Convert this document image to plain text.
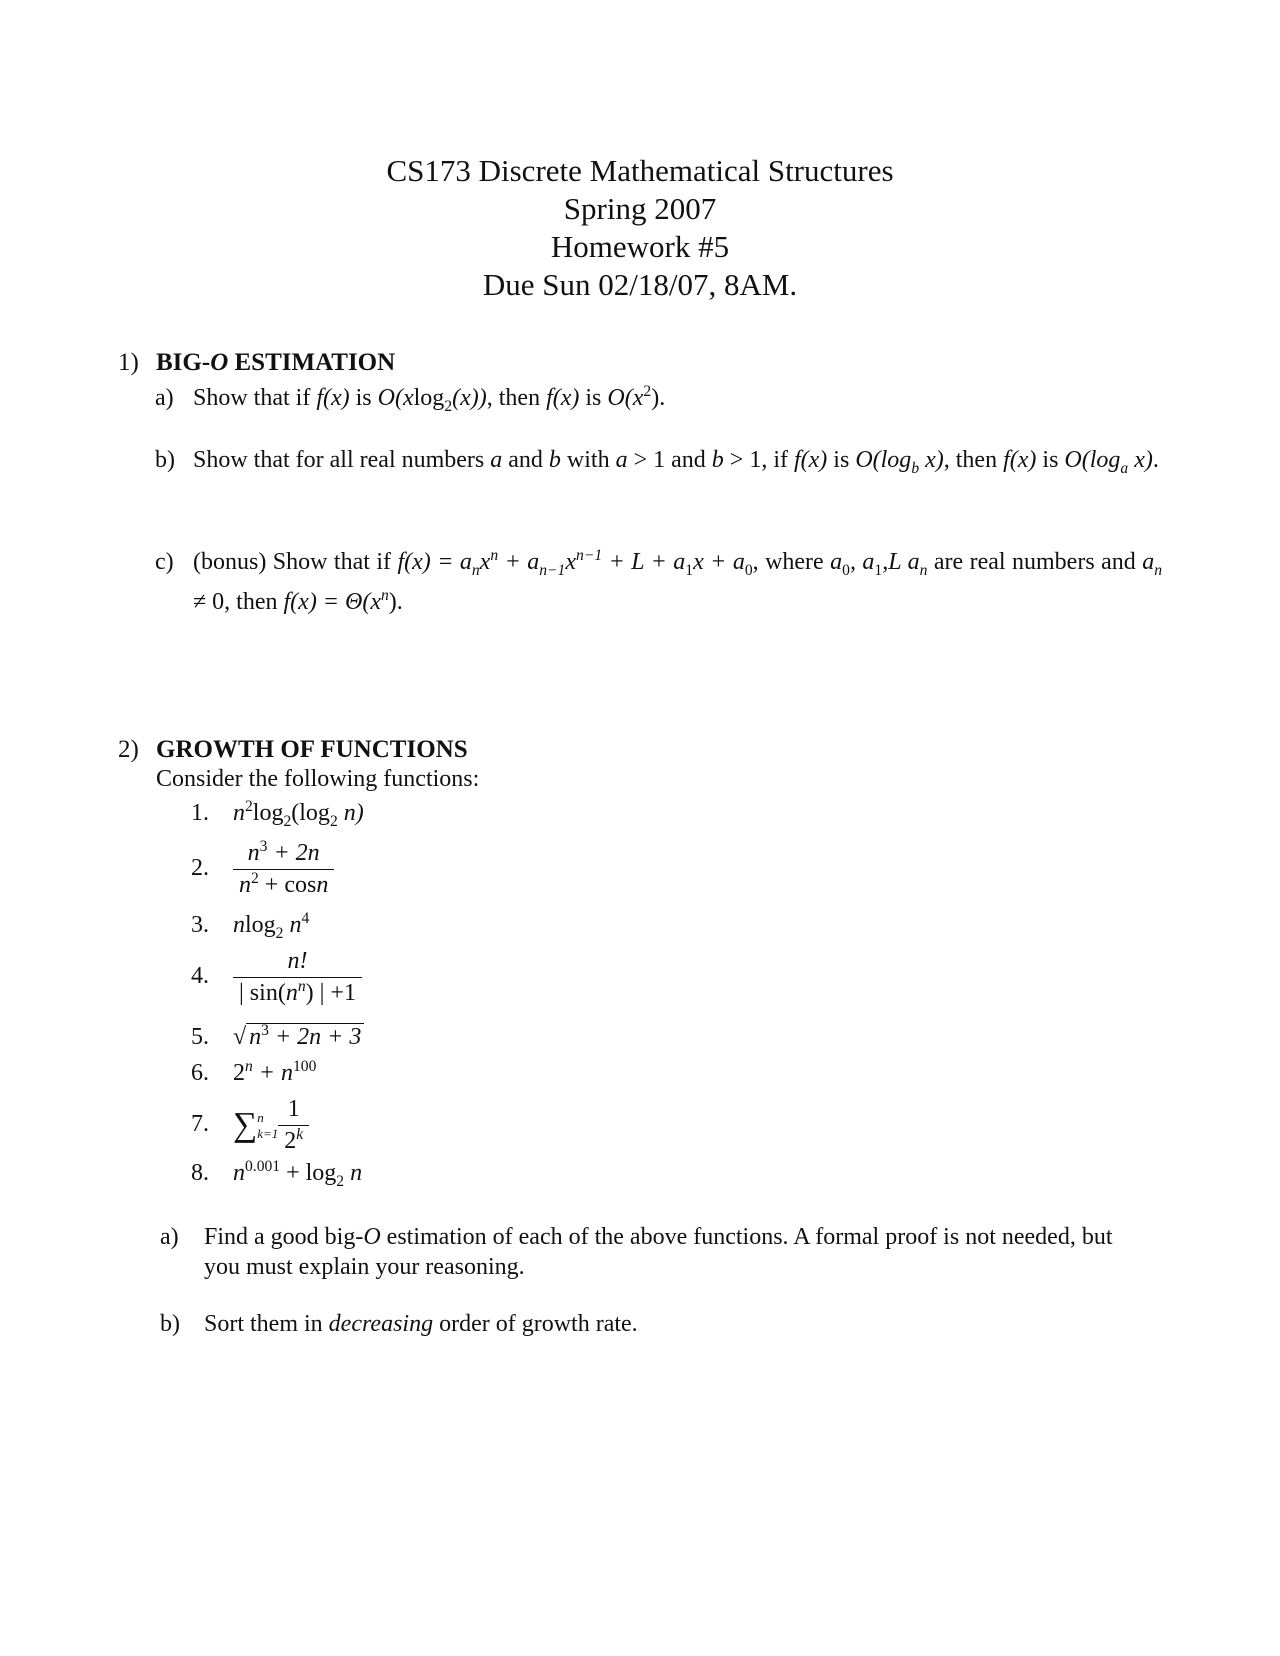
CS173 Discrete Mathematical Structures
Spring 2007
Homework #5
Due Sun 02/18/07, 8AM.
1) BIG-O ESTIMATION
a) Show that if f(x) is O(xlog$_2$(x)), then f(x) is $O(x^2)$.
b) Show that for all real numbers a and b with a > 1 and b > 1, if f(x) is $O(\log_b$ x), then f(x) is $O(\log_a$ x).
c) (bonus) Show that if $f(x) = a_nx^n + a_{n-1}x^{n-1} + L + a_1x + a_0$, where $a_0$, $a_1,L$ $a_n$ are real numbers and $a_n \ne 0$, then $f(x) = \Theta(x^n)$.
2) GROWTH OF FUNCTIONS
Consider the following functions:
1. $n^2\log_2(\log_2$ n)
2. $\frac{n^3 + 2n}{n^2 + \cos n}$
3. nlog$_2$ $n^4$
4. $\frac{n!}{| \sin(n^n) | +1}$
5. √ $n^3 + 2n + 3$
6. $2^n + n^{100}$
7. ∑ n
$k=1 \frac{1}{2^k}$
8. $n^{0.001} + \log_2 n$
a) Find a good big-O estimation of each of the above functions. A formal proof is not needed, but you must explain your reasoning.
b) Sort them in decreasing order of growth rate.
